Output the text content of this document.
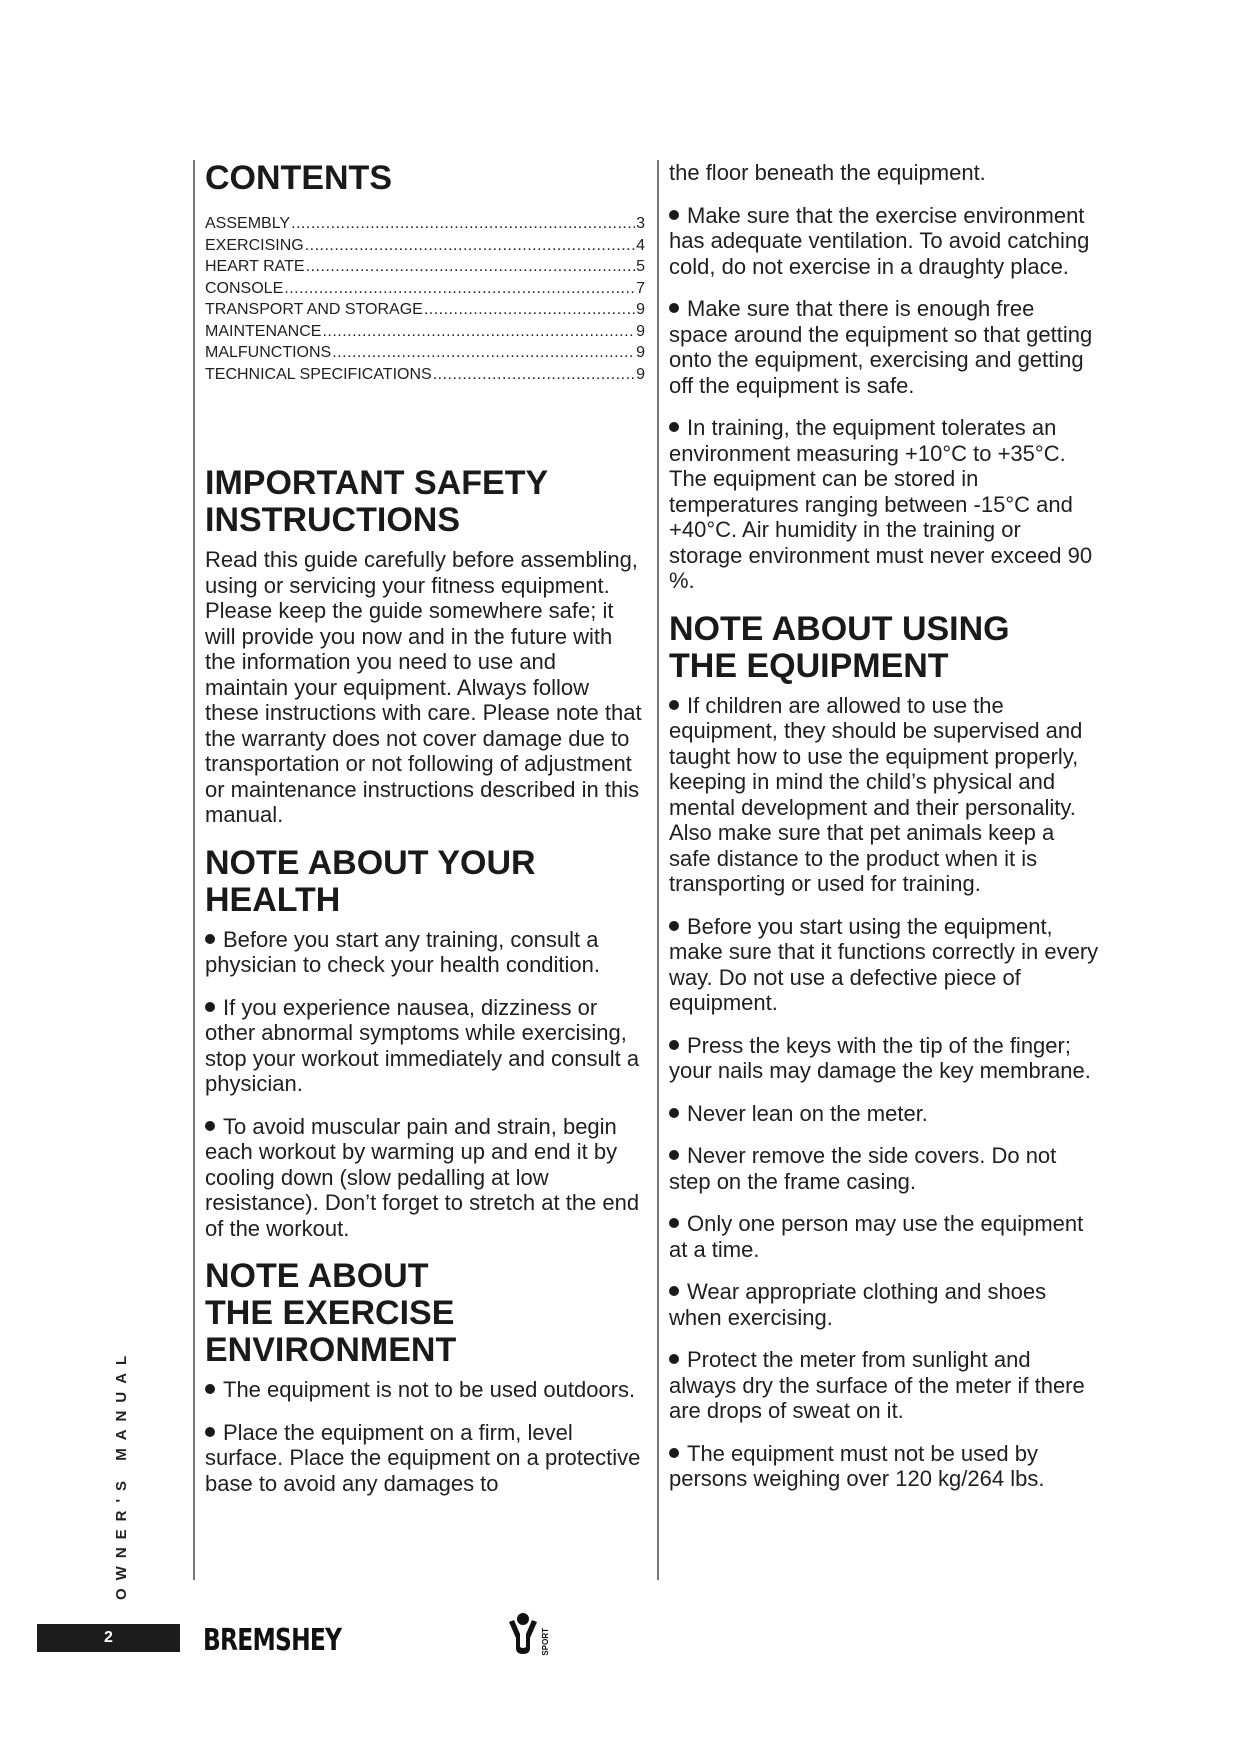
CONTENTS
ASSEMBLY .....	3
EXERCISING .....	4
HEART RATE .....	5
CONSOLE .....	7
TRANSPORT AND STORAGE .....	9
MAINTENANCE .....	9
MALFUNCTIONS .....	9
TECHNICAL SPECIFICATIONS .....	9
IMPORTANT SAFETY INSTRUCTIONS

Read this guide carefully before assembling, using or servicing your fitness equipment. Please keep the guide somewhere safe; it will provide you now and in the future with the information you need to use and maintain your equipment. Always follow these instructions with care. Please note that the warranty does not cover damage due to transportation or not following of adjustment or maintenance instructions described in this manual.

NOTE ABOUT YOUR HEALTH

Before you start any training, consult a physician to check your health condition.

If you experience nausea, dizziness or other abnormal symptoms while exercising, stop your workout immediately and consult a physician.

To avoid muscular pain and strain, begin each workout by warming up and end it by cooling down (slow pedalling at low resistance). Don’t forget to stretch at the end of the workout.

NOTE ABOUT THE EXERCISE ENVIRONMENT

The equipment is not to be used outdoors.

Place the equipment on a firm, level surface. Place the equipment on a protective base to avoid any damages to

the floor beneath the equipment.

Make sure that the exercise environment has adequate ventilation. To avoid catching cold, do not exercise in a draughty place.

Make sure that there is enough free space around the equipment so that getting onto the equipment, exercising and getting off the equipment is safe.

In training, the equipment tolerates an environment measuring +10°C to +35°C. The equipment can be stored in temperatures ranging between -15°C and +40°C. Air humidity in the training or storage environment must never exceed 90 %.

NOTE ABOUT USING THE EQUIPMENT

If children are allowed to use the equipment, they should be supervised and taught how to use the equipment properly, keeping in mind the child’s physical and mental development and their personality. Also make sure that pet animals keep a safe distance to the product when it is transporting or used for training.

Before you start using the equipment, make sure that it functions correctly in every way. Do not use a defective piece of equipment.

Press the keys with the tip of the finger; your nails may damage the key membrane.

Never lean on the meter.

Never remove the side covers. Do not step on the frame casing.

Only one person may use the equipment at a time.

Wear appropriate clothing and shoes when exercising.

Protect the meter from sunlight and always dry the surface of the meter if there are drops of sweat on it.

The equipment must not be used by persons weighing over 120 kg/264 lbs.

OWNER'S MANUAL
2	BREMSHEY	SPORT
